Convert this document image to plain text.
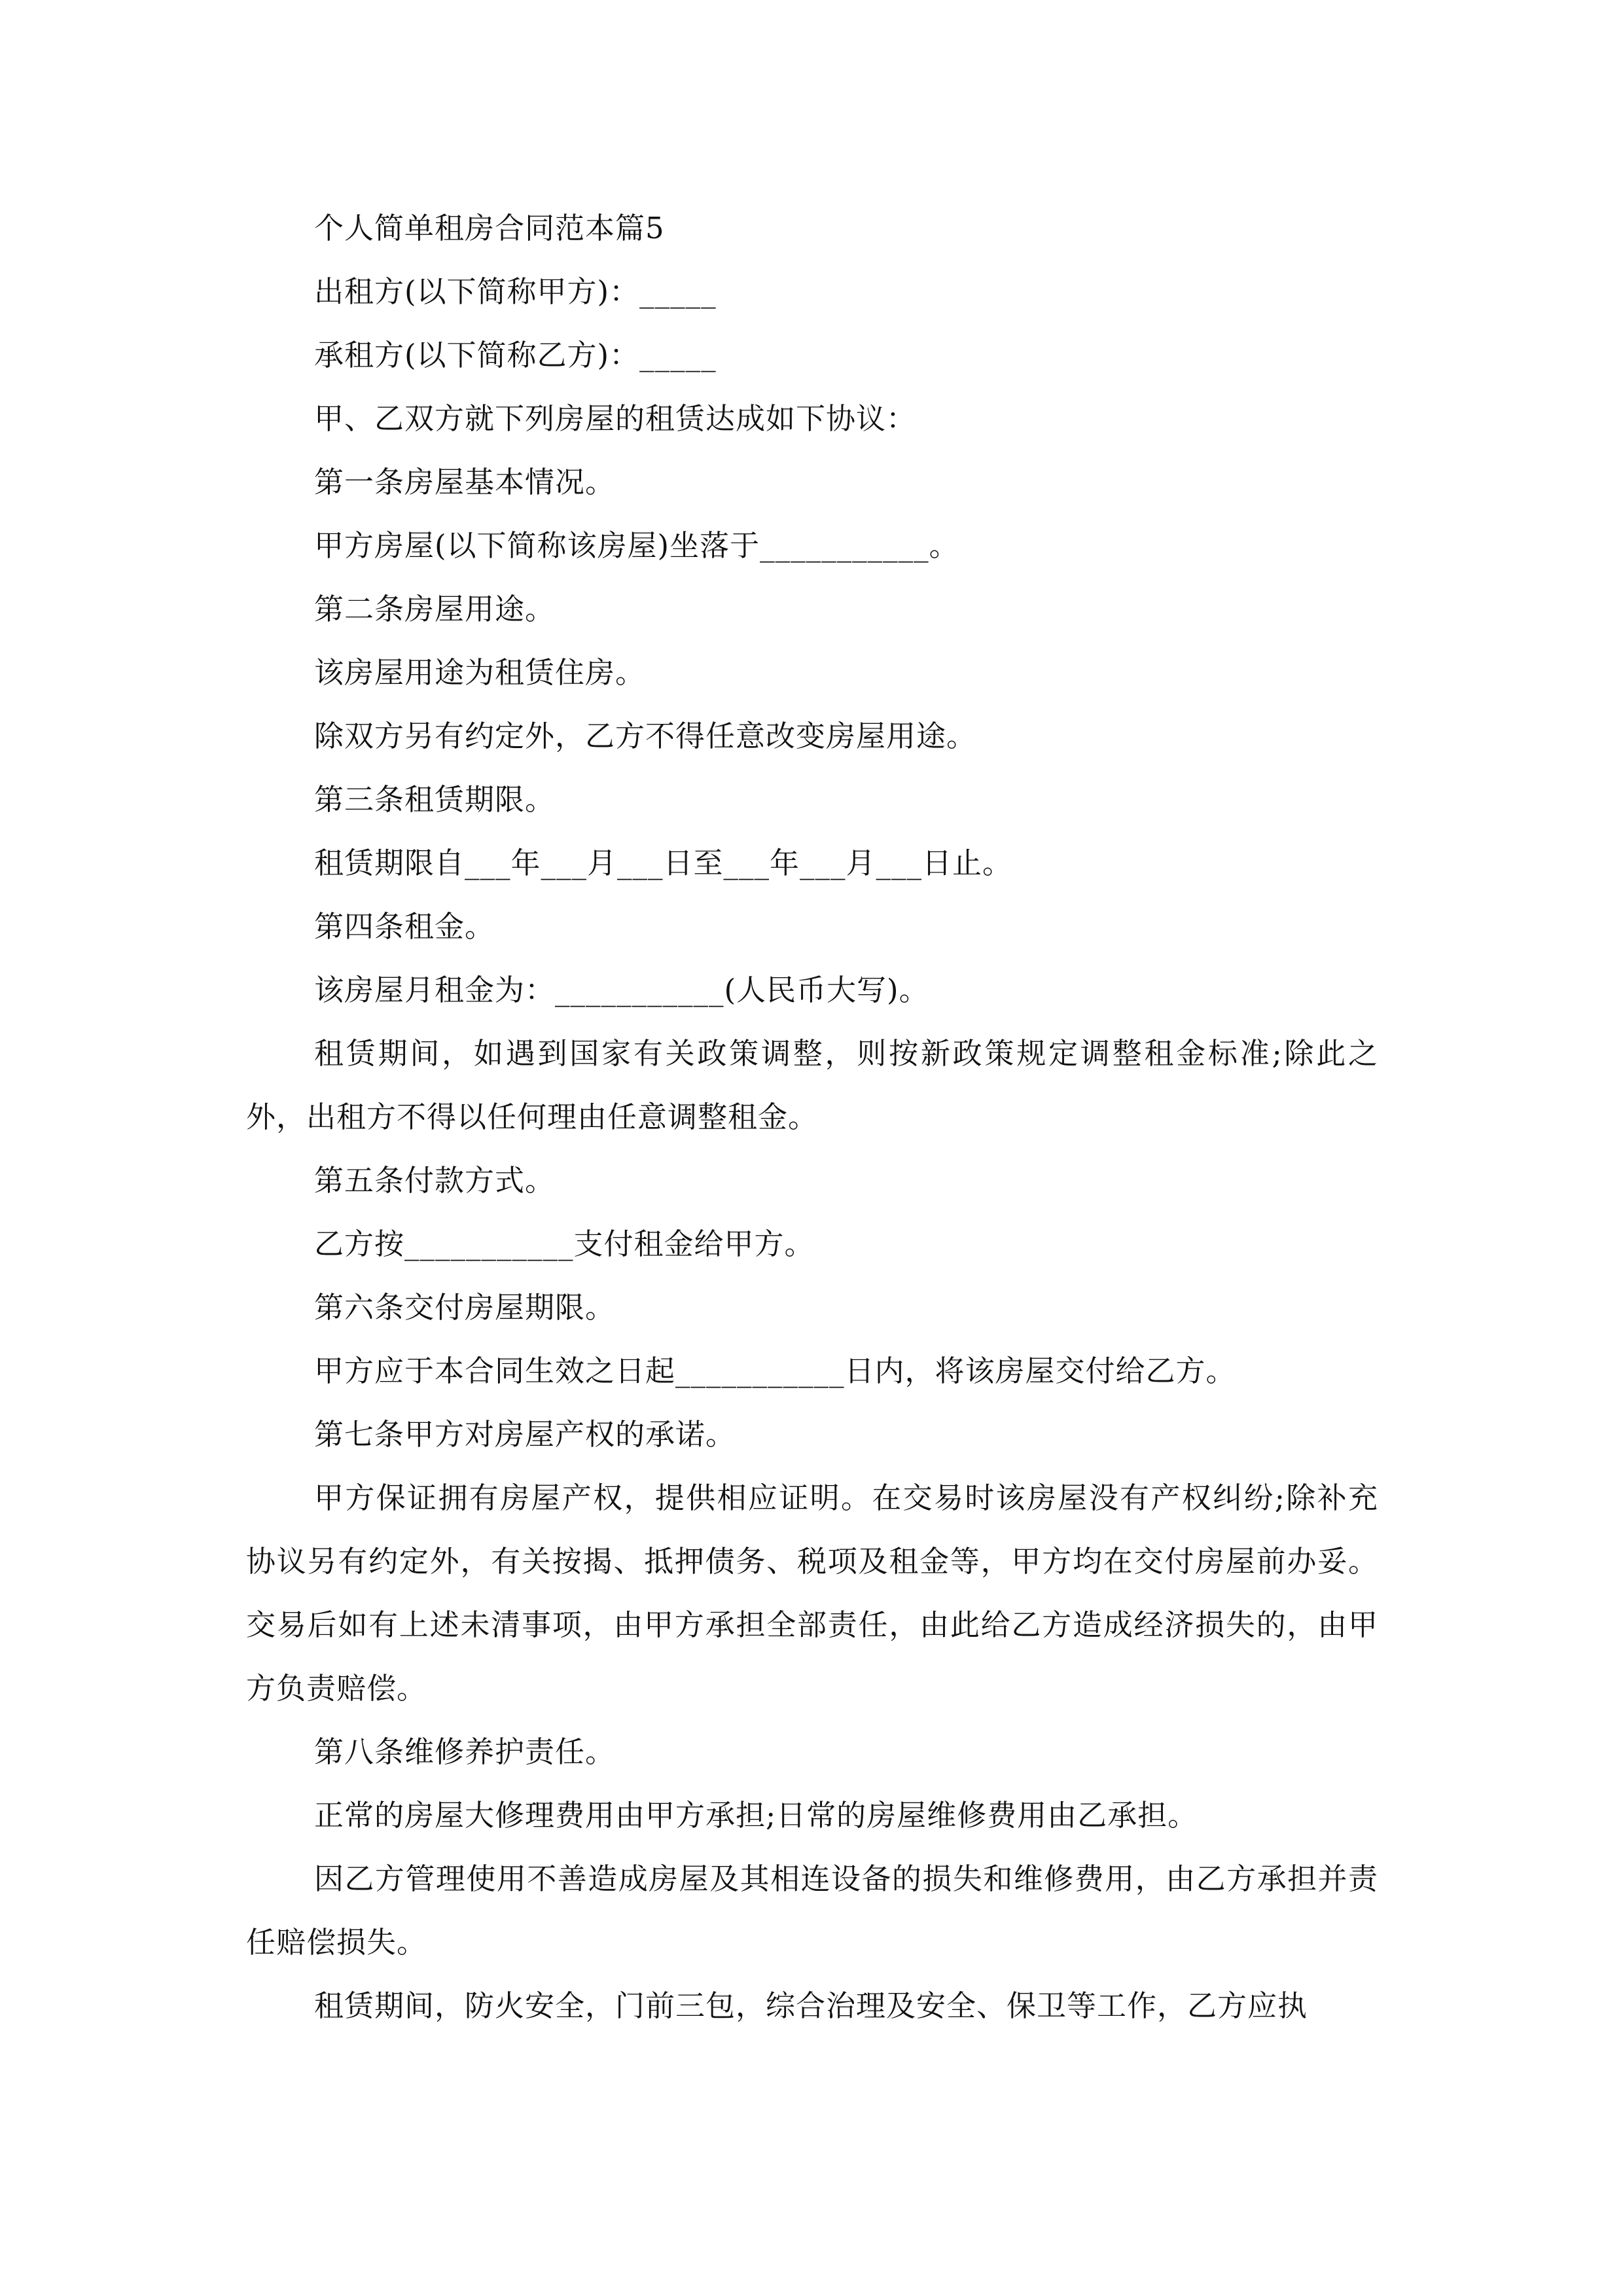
个人简单租房合同范本篇5
出租方(以下简称甲方)：_____
承租方(以下简称乙方)：_____
甲、乙双方就下列房屋的租赁达成如下协议：
第一条房屋基本情况。
甲方房屋(以下简称该房屋)坐落于___________。
第二条房屋用途。
该房屋用途为租赁住房。
除双方另有约定外，乙方不得任意改变房屋用途。
第三条租赁期限。
租赁期限自___年___月___日至___年___月___日止。
第四条租金。
该房屋月租金为：___________(人民币大写)。

租赁期间，如遇到国家有关政策调整，则按新政策规定调整租金标准;除此之外，出租方不得以任何理由任意调整租金。

第五条付款方式。
乙方按___________支付租金给甲方。
第六条交付房屋期限。
甲方应于本合同生效之日起___________日内，将该房屋交付给乙方。
第七条甲方对房屋产权的承诺。

甲方保证拥有房屋产权，提供相应证明。在交易时该房屋没有产权纠纷;除补充协议另有约定外，有关按揭、抵押债务、税项及租金等，甲方均在交付房屋前办妥。交易后如有上述未清事项，由甲方承担全部责任，由此给乙方造成经济损失的，由甲方负责赔偿。

第八条维修养护责任。
正常的房屋大修理费用由甲方承担;日常的房屋维修费用由乙承担。

因乙方管理使用不善造成房屋及其相连设备的损失和维修费用，由乙方承担并责任赔偿损失。

租赁期间，防火安全，门前三包，综合治理及安全、保卫等工作，乙方应执
